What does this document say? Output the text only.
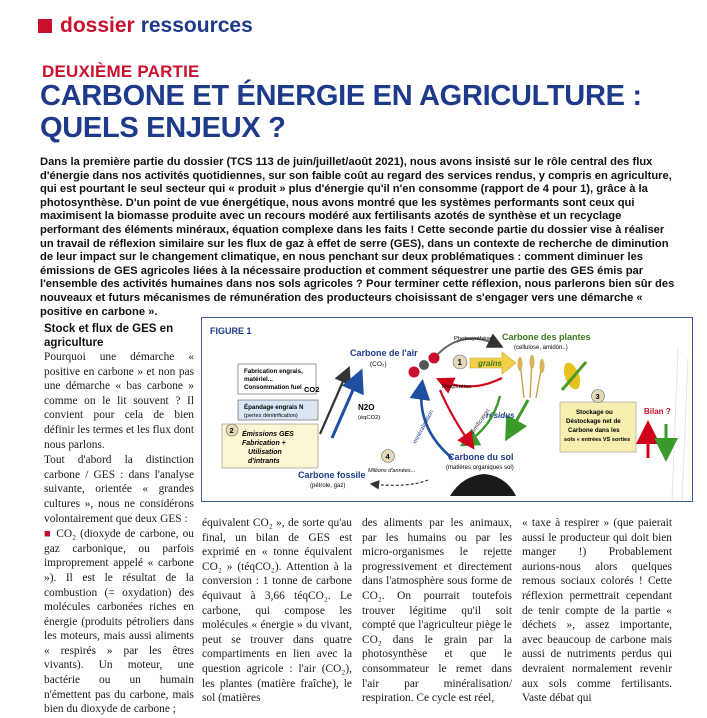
dossier ressources
DEUXIÈME PARTIE
CARBONE ET ÉNERGIE EN AGRICULTURE : QUELS ENJEUX ?
Dans la première partie du dossier (TCS 113 de juin/juillet/août 2021), nous avons insisté sur le rôle central des flux d'énergie dans nos activités quotidiennes, sur son faible coût au regard des services rendus, y compris en agriculture, qui est pourtant le seul secteur qui « produit » plus d'énergie qu'il n'en consomme (rapport de 4 pour 1), grâce à la photosynthèse. D'un point de vue énergétique, nous avons montré que les systèmes performants sont ceux qui maximisent la biomasse produite avec un recours modéré aux fertilisants azotés de synthèse et un recyclage performant des éléments minéraux, équation complexe dans les faits ! Cette seconde partie du dossier vise à réaliser un travail de réflexion similaire sur les flux de gaz à effet de serre (GES), dans un contexte de recherche de diminution de leur impact sur le changement climatique, en nous penchant sur deux problématiques : comment diminuer les émissions de GES agricoles liées à la nécessaire production et comment séquestrer une partie des GES émis par l'ensemble des activités humaines dans nos sols agricoles ? Pour terminer cette réflexion, nous parlerons bien sûr des nouveaux et futurs mécanismes de rémunération des producteurs choisissant de s'engager vers une démarche « positive en carbone ».
Stock et flux de GES en agriculture

Pourquoi une démarche « positive en carbone » et non pas une démarche « bas carbone » comme on le lit souvent ? Il convient pour cela de bien définir les termes et les flux dont nous parlons.

Tout d'abord la distinction carbone / GES : dans l'analyse suivante, orientée « grandes cultures », nous ne considérons volontairement que deux GES :

■ CO₂ (dioxyde de carbone, ou gaz carbonique, ou parfois improprement appelé « carbone »). Il est le résultat de la combustion (= oxydation) des molécules carbonées riches en énergie (produits pétroliers dans les moteurs, mais aussi aliments « respirés » par les êtres vivants). Un moteur, une bactérie ou un humain n'émettent pas du carbone, mais bien du dioxyde de carbone ;

équivalent CO₂ », de sorte qu'au final, un bilan de GES est exprimé en « tonne équivalent CO₂ » (téqCO₂). Attention à la conversion : 1 tonne de carbone équivaut à 3,66 téqCO₂. Le carbone, qui compose les molécules « énergie » du vivant, peut se trouver dans quatre compartiments en lien avec la question agricole : l'air (CO₂), les plantes (matière fraîche), le sol (matières
des aliments par les animaux, par les humains ou par les micro-organismes le rejette progressivement et directement dans l'atmosphère sous forme de CO₂. On pourrait toutefois trouver légitime qu'il soit compté que l'agriculteur piège le CO₂ dans le grain par la photosynthèse et que le consommateur le remet dans l'air par minéralisation/ respiration. Ce cycle est réel,
« taxe à respirer » (que paierait aussi le producteur qui doit bien manger !) Probablement aurions-nous alors quelques remous sociaux colorés ! Cette réflexion permettrait cependant de tenir compte de la partie « déchets », assez importante, avec beaucoup de carbone mais aussi de nutriments perdus qui devraient normalement revenir aux sols comme fertilisants. Vaste débat qui
FIGURE 1
Fabrication engrais,
matériel...
Consommation fuel
Épandage engrais N
(pertes dénitrification)
2 Émissions GES
Fabrication +
Utilisation
d'intrants
CO2
N2O
(éqCO2)
Carbone de l'air
(CO₂)
Photosynthèse
Respiration
1 grains
Carbone des plantes
(cellulose, amidon..)
résidus
humification
minéralisation
Carbone du sol
(matières organiques sol)
Carbone fossile
(pétrole, gaz)
4
Millions d'années...
3
Stockage ou
Déstockage net de
Carbone dans les
sols « entrées VS sorties
Bilan ?
ou
